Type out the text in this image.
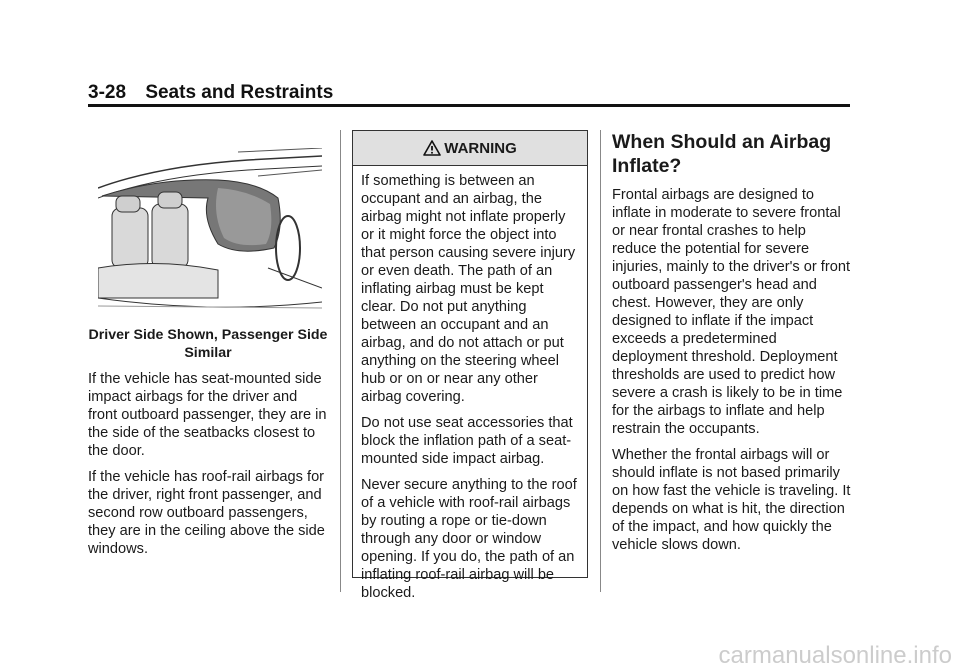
3-28 Seats and Restraints
Driver Side Shown, Passenger Side Similar

If the vehicle has seat-mounted side impact airbags for the driver and front outboard passenger, they are in the side of the seatbacks closest to the door.

If the vehicle has roof-rail airbags for the driver, right front passenger, and second row outboard passengers, they are in the ceiling above the side windows.

WARNING

If something is between an occupant and an airbag, the airbag might not inflate properly or it might force the object into that person causing severe injury or even death. The path of an inflating airbag must be kept clear. Do not put anything between an occupant and an airbag, and do not attach or put anything on the steering wheel hub or on or near any other airbag covering.

Do not use seat accessories that block the inflation path of a seat-mounted side impact airbag.

Never secure anything to the roof of a vehicle with roof-rail airbags by routing a rope or tie-down through any door or window opening. If you do, the path of an inflating roof-rail airbag will be blocked.

When Should an Airbag Inflate?

Frontal airbags are designed to inflate in moderate to severe frontal or near frontal crashes to help reduce the potential for severe injuries, mainly to the driver's or front outboard passenger's head and chest. However, they are only designed to inflate if the impact exceeds a predetermined deployment threshold. Deployment thresholds are used to predict how severe a crash is likely to be in time for the airbags to inflate and help restrain the occupants.

Whether the frontal airbags will or should inflate is not based primarily on how fast the vehicle is traveling. It depends on what is hit, the direction of the impact, and how quickly the vehicle slows down.

carmanualsonline.info
